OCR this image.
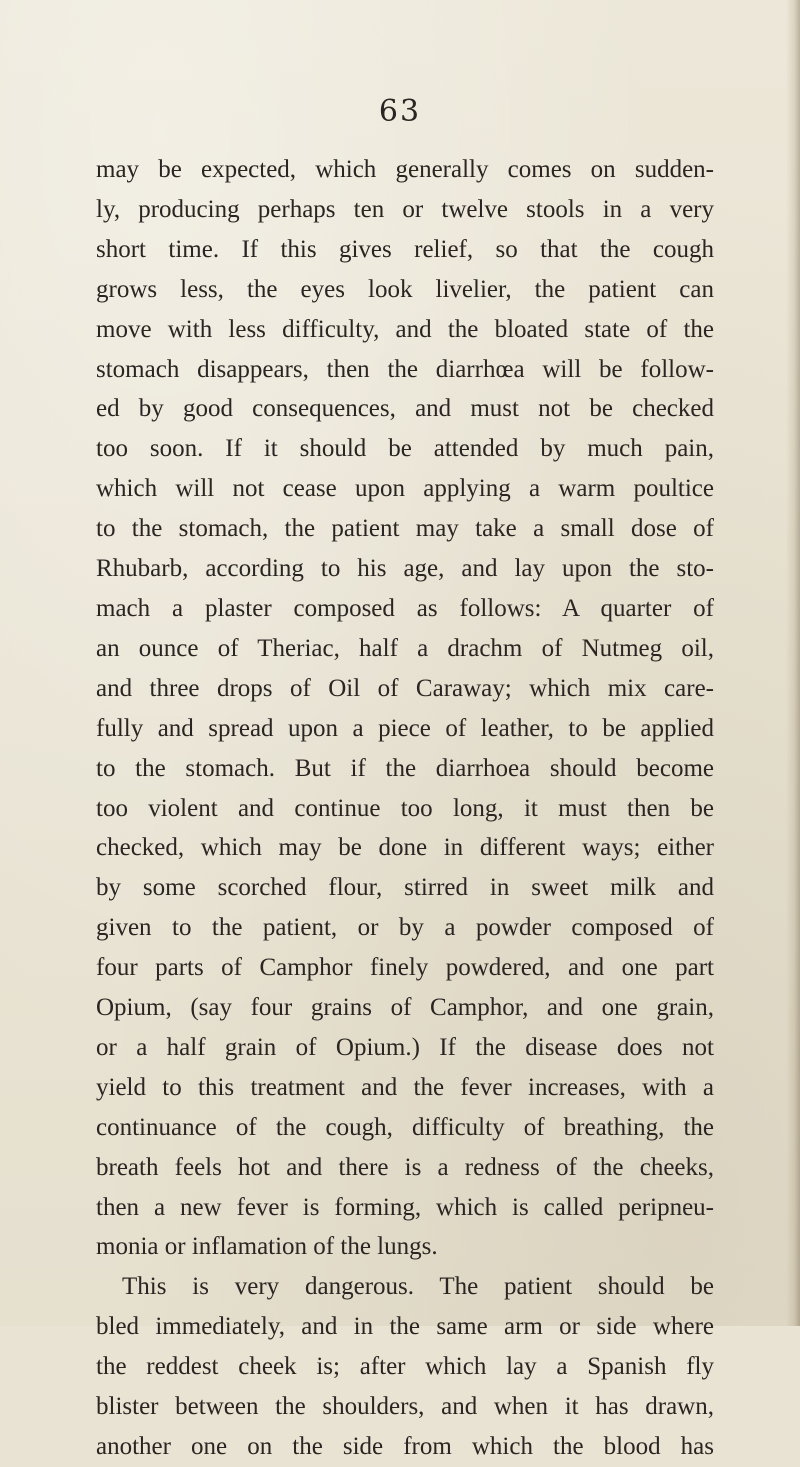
63
may be expected, which generally comes on sudden-
ly, producing perhaps ten or twelve stools in a very
short time. If this gives relief, so that the cough
grows less, the eyes look livelier, the patient can
move with less difficulty, and the bloated state of the
stomach disappears, then the diarrhœa will be follow-
ed by good consequences, and must not be checked
too soon. If it should be attended by much pain,
which will not cease upon applying a warm poultice
to the stomach, the patient may take a small dose of
Rhubarb, according to his age, and lay upon the sto-
mach a plaster composed as follows: A quarter of
an ounce of Theriac, half a drachm of Nutmeg oil,
and three drops of Oil of Caraway; which mix care-
fully and spread upon a piece of leather, to be applied
to the stomach. But if the diarrhoea should become
too violent and continue too long, it must then be
checked, which may be done in different ways; either
by some scorched flour, stirred in sweet milk and
given to the patient, or by a powder composed of
four parts of Camphor finely powdered, and one part
Opium, (say four grains of Camphor, and one grain,
or a half grain of Opium.) If the disease does not
yield to this treatment and the fever increases, with a
continuance of the cough, difficulty of breathing, the
breath feels hot and there is a redness of the cheeks,
then a new fever is forming, which is called peripneu-
monia or inflamation of the lungs.
This is very dangerous. The patient should be
bled immediately, and in the same arm or side where
the reddest cheek is; after which lay a Spanish fly
blister between the shoulders, and when it has drawn,
another one on the side from which the blood has
